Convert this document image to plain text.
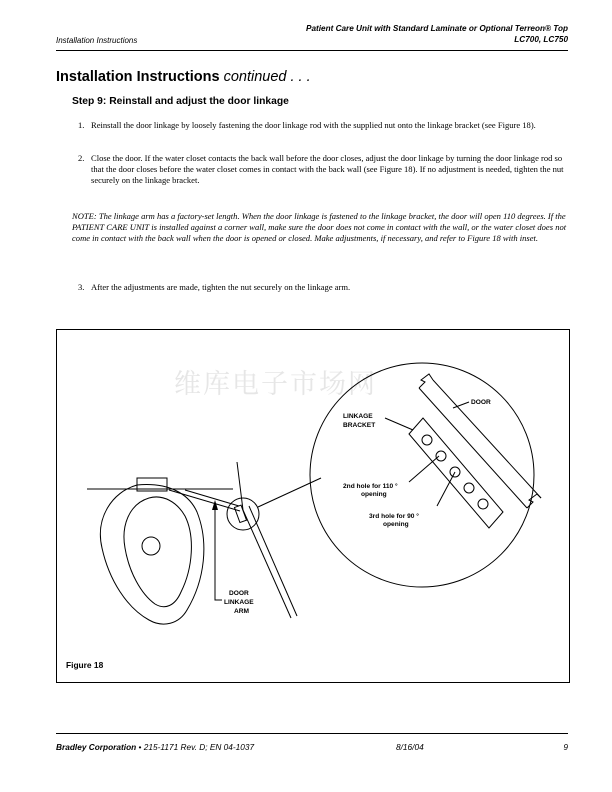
Installation Instructions
Patient Care Unit with Standard Laminate or Optional Terreon® Top
LC700, LC750
Installation Instructions continued . . .
Step 9: Reinstall and adjust the door linkage
1. Reinstall the door linkage by loosely fastening the door linkage rod with the supplied nut onto the linkage bracket (see Figure 18).
2. Close the door. If the water closet contacts the back wall before the door closes, adjust the door linkage by turning the door linkage rod so that the door closes before the water closet comes in contact with the back wall (see Figure 18). If no adjustment is needed, tighten the nut securely on the linkage bracket.
NOTE: The linkage arm has a factory-set length. When the door linkage is fastened to the linkage bracket, the door will open 110 degrees. If the PATIENT CARE UNIT is installed against a corner wall, make sure the door does not come in contact with the wall, or the water closet does not come in contact with the back wall when the door is opened or closed. Make adjustments, if necessary, and refer to Figure 18 with inset.
3. After the adjustments are made, tighten the nut securely on the linkage arm.
维库电子市场网
DOOR
LINKAGE
BRACKET
2nd hole for 110 °
opening
3rd hole for 90 °
opening
DOOR
LINKAGE
ARM
Figure 18
Bradley Corporation • 215-1171 Rev. D; EN 04-1037	8/16/04	9
